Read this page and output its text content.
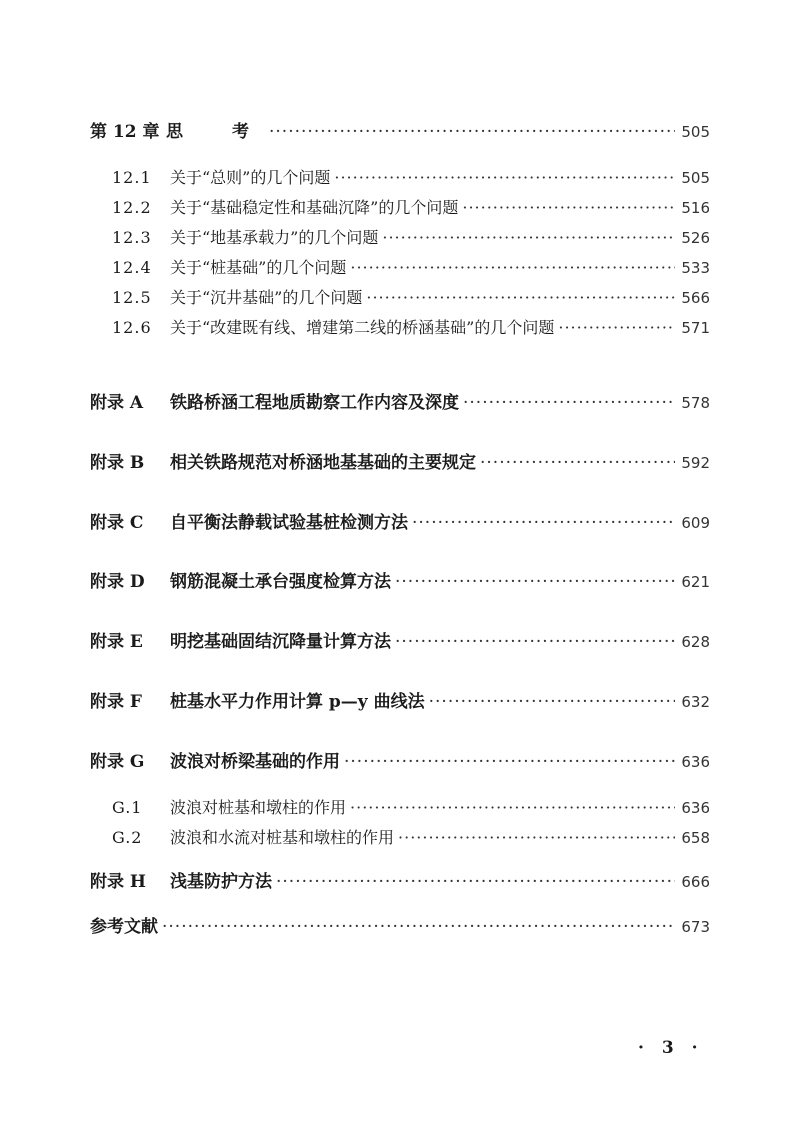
第 12 章 思　考 ·····	505
12.1	关于“总则”的几个问题 ·····	505
12.2	关于“基础稳定性和基础沉降”的几个问题 ·····	516
12.3	关于“地基承载力”的几个问题 ·····	526
12.4	关于“桩基础”的几个问题 ·····	533
12.5	关于“沉井基础”的几个问题 ·····	566
12.6	关于“改建既有线、增建第二线的桥涵基础”的几个问题 ·····	571
附录 A	铁路桥涵工程地质勘察工作内容及深度 ·····	578
附录 B	相关铁路规范对桥涵地基基础的主要规定 ·····	592
附录 C	自平衡法静载试验基桩检测方法 ·····	609
附录 D	钢筋混凝土承台强度检算方法 ·····	621
附录 E	明挖基础固结沉降量计算方法 ·····	628
附录 F	桩基水平力作用计算 p—y 曲线法 ·····	632
附录 G	波浪对桥梁基础的作用 ·····	636
G.1	波浪对桩基和墩柱的作用 ·····	636
G.2	波浪和水流对桩基和墩柱的作用 ·····	658
附录 H	浅基防护方法 ·····	666
参考文献 ·····	673
· 3 ·
